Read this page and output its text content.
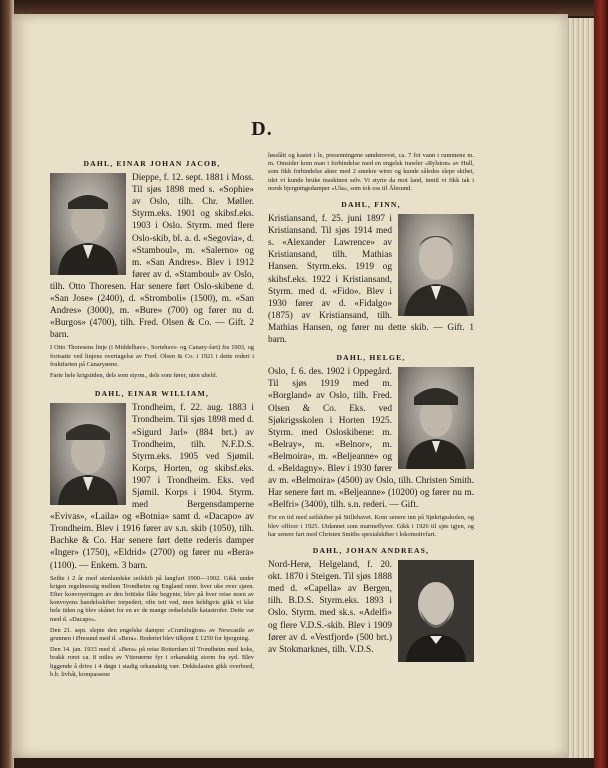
D.
DAHL, EINAR JOHAN JACOB,

Dieppe, f. 12. sept. 1881 i Moss. Til sjøs 1898 med s. «Sophie» av Oslo, tilh. Chr. Møller. Styrm.eks. 1901 og skibsf.eks. 1903 i Oslo. Styrm. med flere Oslo-skib, bl. a. d. «Segovia», d. «Stamboul», m. «Salerno» og m. «San Andres». Blev i 1912 fører av d. «Stamboul» av Oslo, tilh. Otto Thoresen. Har senere ført Oslo-skibene d. «San Jose» (2400), d. «Stromboli» (1500), m. «San Andres» (3000), m. «Bure» (700) og fører nu d. «Burgos» (4700), tilh. Fred. Olsen & Co. — Gift. 2 barn.

I Otto Thoresens linje (i Middelhavs-, Sortehavs- og Canary-fart) fra 1903, og fortsatte ved linjens overtagelse av Fred. Olsen & Co. i 1921 i dette rederi i fruktfarten på Canaryøene.

Farte hele krigstiden, dels som styrm., dels som fører, uten uheld.

DAHL, EINAR WILLIAM,

Trondheim, f. 22. aug. 1883 i Trondheim. Til sjøs 1898 med d. «Sigurd Jarl» (884 brt.) av Trondheim, tilh. N.F.D.S. Styrm.eks. 1905 ved Sjømil. Korps, Horten, og skibsf.eks. 1907 i Trondheim. Eks. ved Sjømil. Korps i 1904. Styrm. med Bergensdamperne «Evivas», «Laila» og «Botnia» samt d. «Dacapo» av Trondheim. Blev i 1916 fører av s.n. skib (1050), tilh. Bachke & Co. Har senere ført dette rederis damper «Inger» (1750), «Eldrid» (2700) og fører nu «Bera» (1100). — Enkem. 3 barn.

Seilte i 2 år med utenlandske seilskib på langfart 1900—1902. Gikk under krigen regelmessig mellem Trondheim og England omtr. hver uke over sjøen. Efter konvoyeringen av den britiske flåte begynte, blev på hver reise noen av konvoyens handelsskiber torpedert, ofte tett ved, men heldigvis gikk vi klar hele tiden og blev skånet for en av de mange redselsfulle katastrofer. Dette var med d. «Dacapo».

Den 21. sept. slepte den engelske damper «Cramlington» av Newcastle av grunnen i Øresund med d. «Bera». Rederiet blev tilkjent £ 1250 for bjergning.

Den 14. jan. 1933 med d. «Bera» på reise Rotterdam til Trondheim med koks, brakk roret ca. 8 miles av Ytterøerne fyr i orkanaktig storm fra syd. Blev liggende å drive i 4 døgn i stadig orkanaktig vær. Dekkslasten gikk overbord, b.b. livbåt, kompassene

løsslått og kastet i le, presenningene sønderrevet, ca. 7 fot vann i rummene m. m. Omsider kom man i forbindelse med en engelsk trawler «Rylston» av Hull, som fikk forbindelse akter med 2 smekre wirer og kunde således slepe skibet, idet vi kunde bruke maskinen selv. Vi styrte da mot land, inntil vi fikk tak i norsk bjergningsdamper «Ula», som tok oss til Ålesund.

DAHL, FINN,

Kristiansand, f. 25. juni 1897 i Kristiansand. Til sjøs 1914 med s. «Alexander Lawrence» av Kristiansand, tilh. Mathias Hansen. Styrm.eks. 1919 og skibsf.eks. 1922 i Kristiansand, Styrm. med d. «Fido». Blev i 1930 fører av d. «Fidalgo» (1875) av Kristiansand, tilh. Mathias Hansen, og fører nu dette skib. — Gift. 1 barn.

DAHL, HELGE,

Oslo, f. 6. des. 1902 i Oppegård. Til sjøs 1919 med m. «Borgland» av Oslo, tilh. Fred. Olsen & Co. Eks. ved Sjøkrigsskolen i Horten 1925. Styrm. med Osloskibene: m. «Belray», m. «Belnor», m. «Belmoira», m. «Beljeanne» og d. «Beldagny». Blev i 1930 fører av m. «Belmoira» (4500) av Oslo, tilh. Christen Smith. Har senere ført m. «Beljeanne» (10200) og fører nu m. «Belfri» (3400), tilh. s.n. rederi. — Gift.

For en tid med seilskiber på Stillehavet. Kom senere inn på Sjøkrigsskolen, og blev officer i 1925. Utdannet som marineflyver. Gikk i 1926 til sjøs igjen, og har senere fart med Christen Smiths spesialskiber i lokomotivfart.

DAHL, JOHAN ANDREAS,

Nord-Herø, Helgeland, f. 20. okt. 1870 i Steigen. Til sjøs 1888 med d. «Capella» av Bergen, tilh. B.D.S. Styrm.eks. 1893 i Oslo. Styrm. med sk.s. «Adelfi» og flere V.D.S.-skib. Blev i 1909 fører av d. «Vestfjord» (500 brt.) av Stokmarknes, tilh. V.D.S.
